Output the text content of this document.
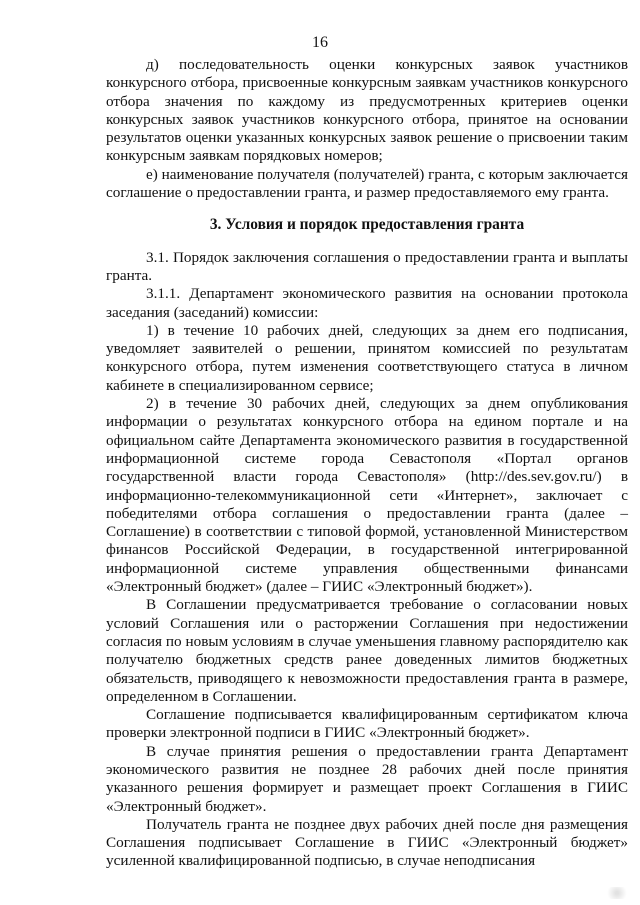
16

д) последовательность оценки конкурсных заявок участников конкурсного отбора, присвоенные конкурсным заявкам участников конкурсного отбора значения по каждому из предусмотренных критериев оценки конкурсных заявок участников конкурсного отбора, принятое на основании результатов оценки указанных конкурсных заявок решение о присвоении таким конкурсным заявкам порядковых номеров;

е) наименование получателя (получателей) гранта, с которым заключается соглашение о предоставлении гранта, и размер предоставляемого ему гранта.

3. Условия и порядок предоставления гранта

3.1. Порядок заключения соглашения о предоставлении гранта и выплаты гранта.

3.1.1. Департамент экономического развития на основании протокола заседания (заседаний) комиссии:

1) в течение 10 рабочих дней, следующих за днем его подписания, уведомляет заявителей о решении, принятом комиссией по результатам конкурсного отбора, путем изменения соответствующего статуса в личном кабинете в специализированном сервисе;

2) в течение 30 рабочих дней, следующих за днем опубликования информации о результатах конкурсного отбора на едином портале и на официальном сайте Департамента экономического развития в государственной информационной системе города Севастополя «Портал органов государственной власти города Севастополя» (http://des.sev.gov.ru/) в информационно-телекоммуникационной сети «Интернет», заключает с победителями отбора соглашения о предоставлении гранта (далее – Соглашение) в соответствии с типовой формой, установленной Министерством финансов Российской Федерации, в государственной интегрированной информационной системе управления общественными финансами «Электронный бюджет» (далее – ГИИС «Электронный бюджет»).

В Соглашении предусматривается требование о согласовании новых условий Соглашения или о расторжении Соглашения при недостижении согласия по новым условиям в случае уменьшения главному распорядителю как получателю бюджетных средств ранее доведенных лимитов бюджетных обязательств, приводящего к невозможности предоставления гранта в размере, определенном в Соглашении.

Соглашение подписывается квалифицированным сертификатом ключа проверки электронной подписи в ГИИС «Электронный бюджет».

В случае принятия решения о предоставлении гранта Департамент экономического развития не позднее 28 рабочих дней после принятия указанного решения формирует и размещает проект Соглашения в ГИИС «Электронный бюджет».

Получатель гранта не позднее двух рабочих дней после дня размещения Соглашения подписывает Соглашение в ГИИС «Электронный бюджет» усиленной квалифицированной подписью, в случае неподписания
